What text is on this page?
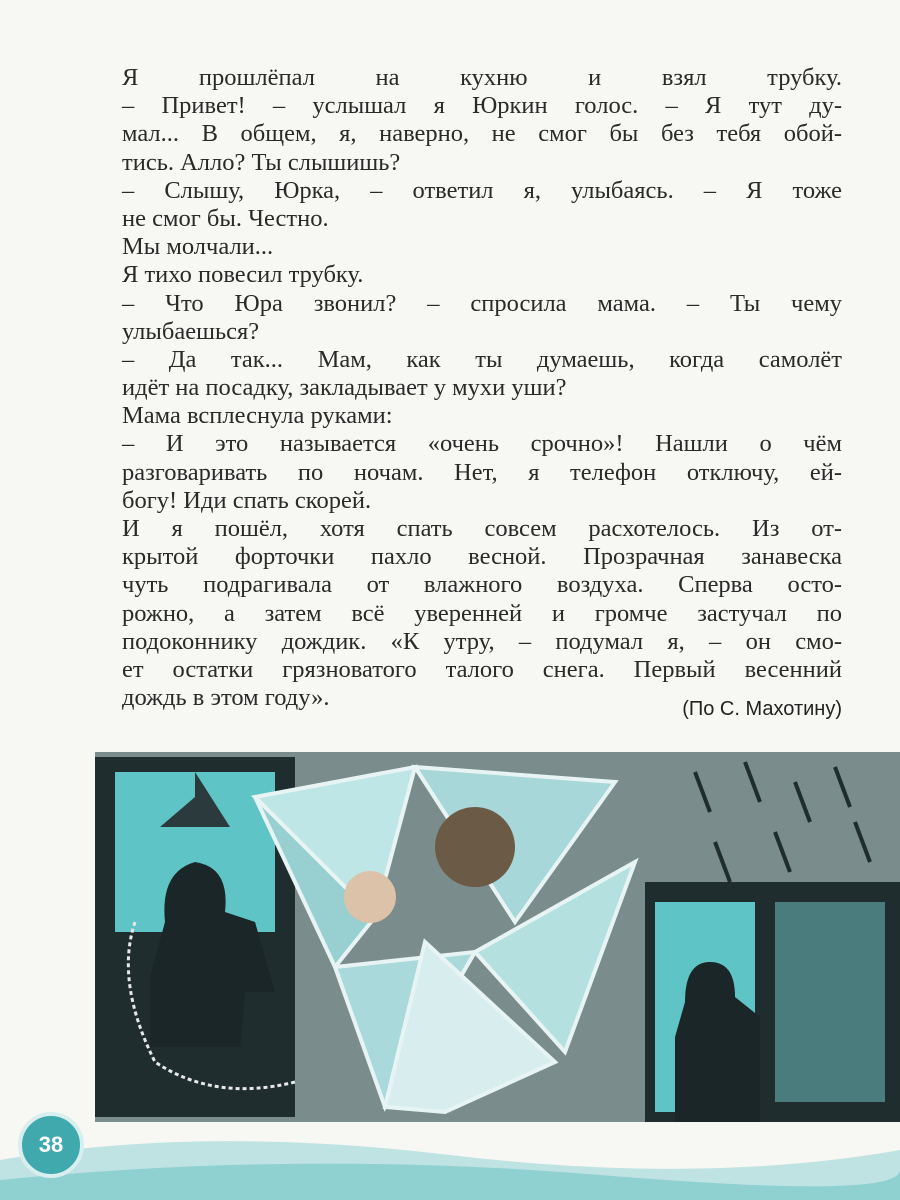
Я прошлёпал на кухню и взял трубку.
– Привет! – услышал я Юркин голос. – Я тут ду-
мал... В общем, я, наверно, не смог бы без тебя обой-
тись. Алло? Ты слышишь?
– Слышу, Юрка, – ответил я, улыбаясь. – Я тоже
не смог бы. Честно.
Мы молчали...
Я тихо повесил трубку.
– Что Юра звонил? – спросила мама. – Ты чему
улыбаешься?
– Да так... Мам, как ты думаешь, когда самолёт
идёт на посадку, закладывает у мухи уши?
Мама всплеснула руками:
– И это называется «очень срочно»! Нашли о чём
разговаривать по ночам. Нет, я телефон отключу, ей-
богу! Иди спать скорей.
И я пошёл, хотя спать совсем расхотелось. Из от-
крытой форточки пахло весной. Прозрачная занавеска
чуть подрагивала от влажного воздуха. Сперва осто-
рожно, а затем всё уверенней и громче застучал по
подоконнику дождик. «К утру, – подумал я, – он смо-
ет остатки грязноватого талого снега. Первый весенний
дождь в этом году».	(По С. Махотину)
38
